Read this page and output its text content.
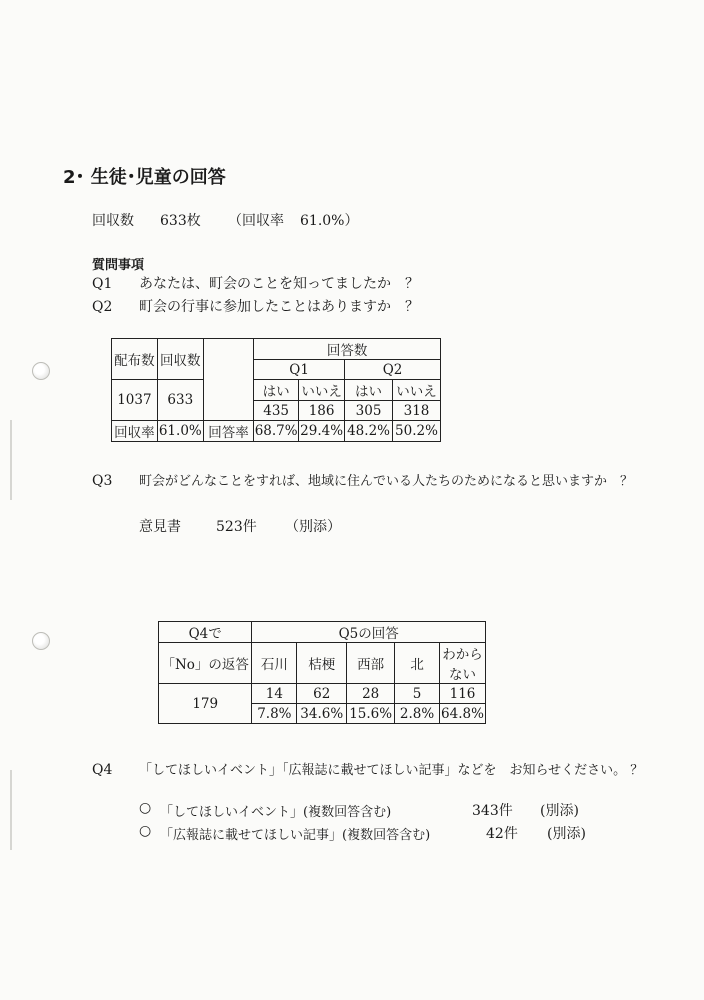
2･ 生徒･児童の回答
回収数 633枚 （回収率 61.0%）
質問事項
Q1 あなたは、町会のことを知ってましたか　？
Q2 町会の行事に参加したことはありますか　？
配布数	回収数		回答数			
			Q1		Q2	
1037	633		はい	いいえ	はい	いいえ
			435	186	305	318
回収率	61.0%	回答率	68.7%	29.4%	48.2%	50.2%
Q3 町会がどんなことをすれば、地域に住んでいる人たちのためになると思いますか　？
意見書	523件 （別添）
Q4で	Q5の回答				
「No」の返答	石川	桔梗	西部	北	わからない
179	14	62	28	5	116
	7.8%	34.6%	15.6%	2.8%	64.8%
Q4 「してほしいイベント」「広報誌に載せてほしい記事」などを　お知らせください。 ？
○ 「してほしいイベント」(複数回答含む)	343件 (別添)
○ 「広報誌に載せてほしい記事」(複数回答含む)	42件 (別添)
